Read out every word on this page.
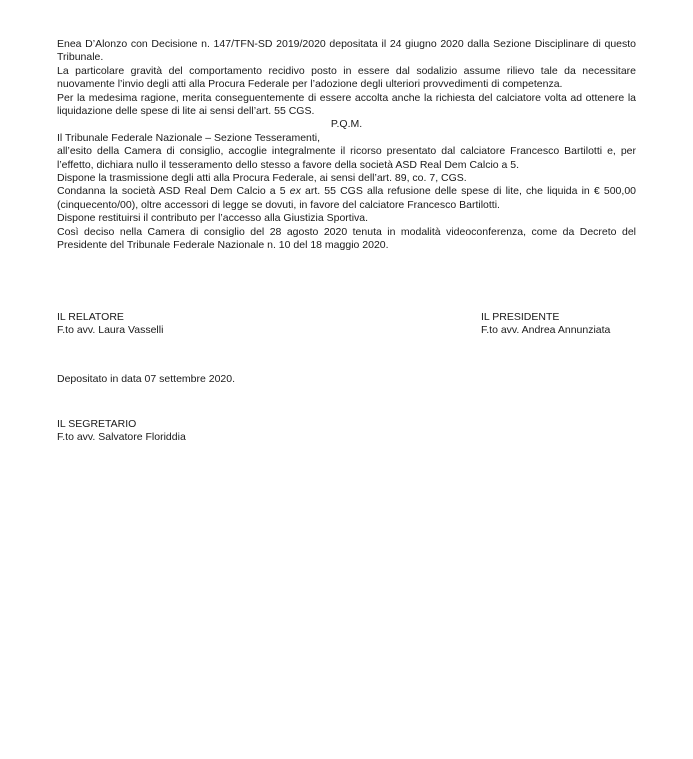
Enea D’Alonzo con Decisione n. 147/TFN-SD 2019/2020 depositata il 24 giugno 2020 dalla Sezione Disciplinare di questo Tribunale.

La particolare gravità del comportamento recidivo posto in essere dal sodalizio assume rilievo tale da necessitare nuovamente l’invio degli atti alla Procura Federale per l’adozione degli ulteriori provvedimenti di competenza.

Per la medesima ragione, merita conseguentemente di essere accolta anche la richiesta del calciatore volta ad ottenere la liquidazione delle spese di lite ai sensi dell’art. 55 CGS.

P.Q.M.

Il Tribunale Federale Nazionale – Sezione Tesseramenti,

all’esito della Camera di consiglio, accoglie integralmente il ricorso presentato dal calciatore Francesco Bartilotti e, per l’effetto, dichiara nullo il tesseramento dello stesso a favore della società ASD Real Dem Calcio a 5.

Dispone la trasmissione degli atti alla Procura Federale, ai sensi dell’art. 89, co. 7, CGS.

Condanna la società ASD Real Dem Calcio a 5 ex art. 55 CGS alla refusione delle spese di lite, che liquida in € 500,00 (cinquecento/00), oltre accessori di legge se dovuti, in favore del calciatore Francesco Bartilotti.

Dispone restituirsi il contributo per l’accesso alla Giustizia Sportiva.

Così deciso nella Camera di consiglio del 28 agosto 2020 tenuta in modalità videoconferenza, come da Decreto del Presidente del Tribunale Federale Nazionale n. 10 del 18 maggio 2020.

IL RELATORE
F.to avv. Laura Vasselli
IL PRESIDENTE
F.to avv. Andrea Annunziata
Depositato in data 07 settembre 2020.
IL SEGRETARIO
F.to avv. Salvatore Floriddia
